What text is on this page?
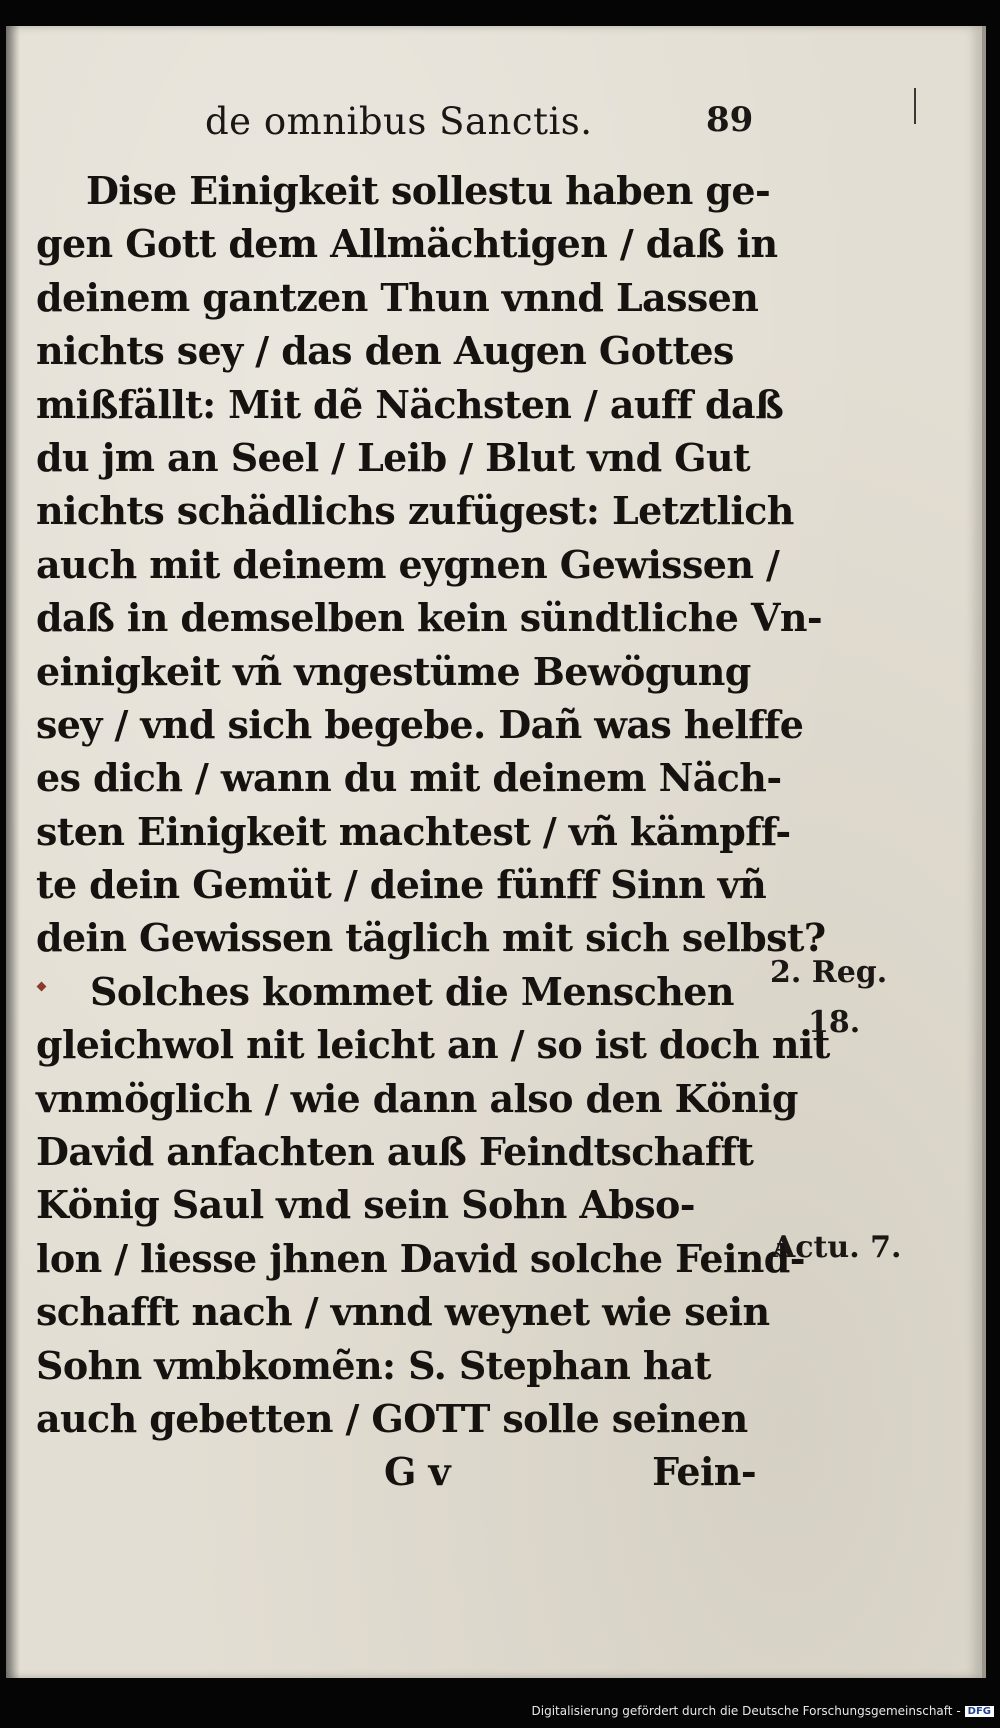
de omnibus Sanctis.	89
Dise Einigkeit sollestu haben ge-
gen Gott dem Allmächtigen / daß in
deinem gantzen Thun vnnd Lassen
nichts sey / das den Augen Gottes
mißfällt: Mit dẽ Nächsten / auff daß
du jm an Seel / Leib / Blut vnd Gut
nichts schädlichs zufügest: Letztlich
auch mit deinem eygnen Gewissen /
daß in demselben kein sündtliche Vn-
einigkeit vñ vngestüme Bewögung
sey / vnd sich begebe. Dañ was helffe
es dich / wann du mit deinem Näch-
sten Einigkeit machtest / vñ kämpff-
te dein Gemüt / deine fünff Sinn vñ
dein Gewissen täglich mit sich selbst?
Solches kommet die Menschen
gleichwol nit leicht an / so ist doch nit
vnmöglich / wie dann also den König
David anfachten auß Feindtschafft
König Saul vnd sein Sohn Abso-
lon / liesse jhnen David solche Feind-
schafft nach / vnnd weynet wie sein
Sohn vmbkomẽn: S. Stephan hat
auch gebetten / GOTT solle seinen
G v	Fein-
2. Reg.
18.
Actu. 7.
Digitalisierung gefördert durch die Deutsche Forschungsgemeinschaft - DFG
